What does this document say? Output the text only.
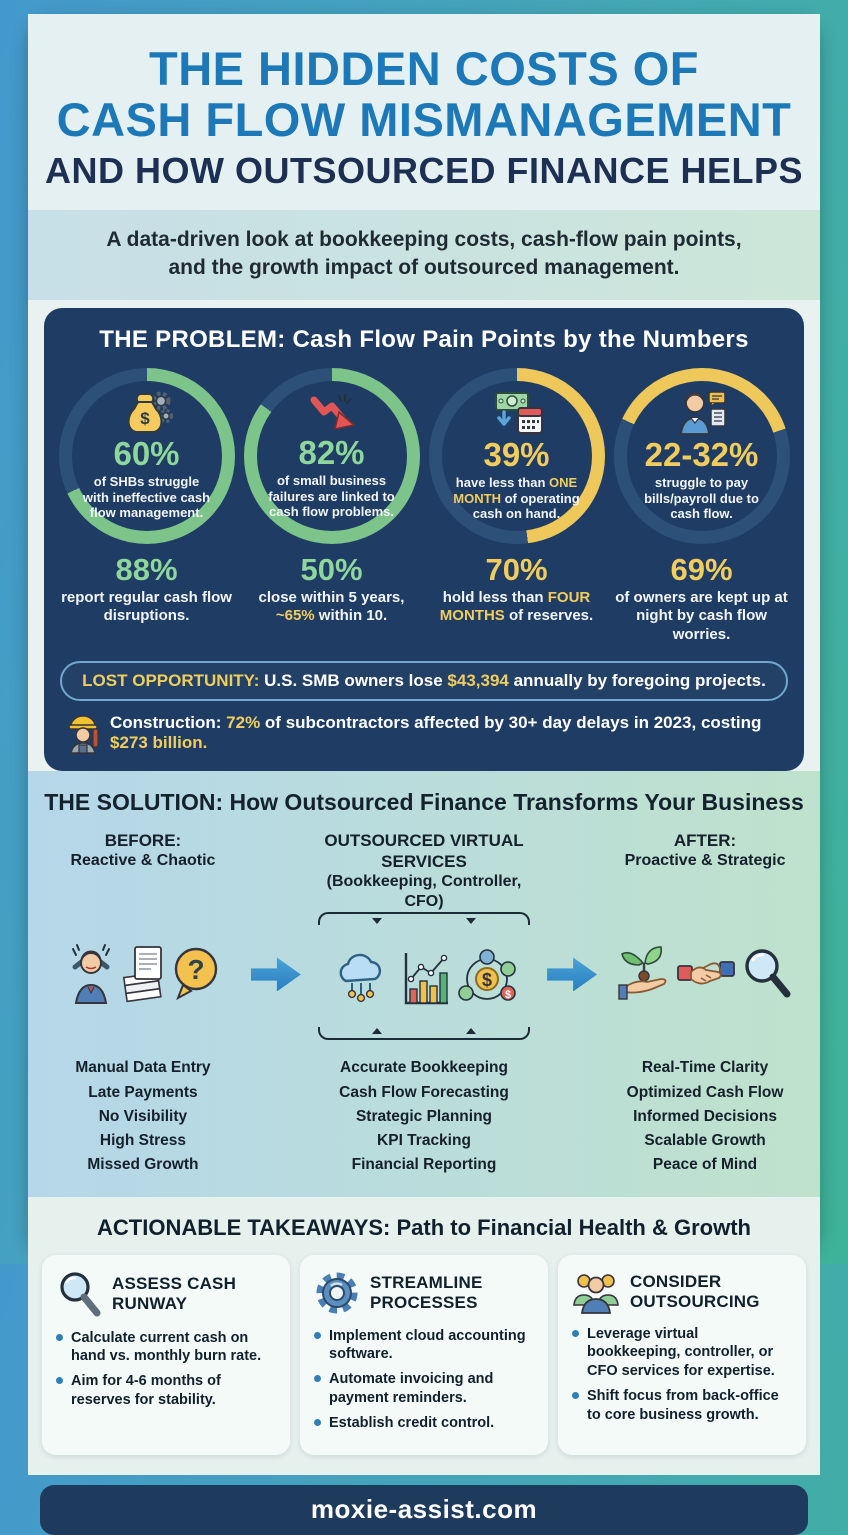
THE HIDDEN COSTS OF
CASH FLOW MISMANAGEMENT
AND HOW OUTSOURCED FINANCE HELPS

A data-driven look at bookkeeping costs, cash-flow pain points, and the growth impact of outsourced management.

THE PROBLEM: Cash Flow Pain Points by the Numbers
$
60%
of SHBs struggle with ineffective cash flow management.
82%
of small business failures are linked to cash flow problems.
39%
have less than ONE MONTH of operating cash on hand.
22-32%
struggle to pay bills/payroll due to cash flow.
88%
report regular cash flow disruptions.
50%
close within 5 years, ~65% within 10.
70%
hold less than FOUR MONTHS of reserves.
69%
of owners are kept up at night by cash flow worries.
LOST OPPORTUNITY: U.S. SMB owners lose $43,394 annually by foregoing projects.
Construction: 72% of subcontractors affected by 30+ day delays in 2023, costing $273 billion.
THE SOLUTION: How Outsourced Finance Transforms Your Business
BEFORE:
Reactive & Chaotic
OUTSOURCED VIRTUAL SERVICES
(Bookkeeping, Controller, CFO)
AFTER:
Proactive & Strategic
?	$
$
Manual Data Entry
Late Payments
No Visibility
High Stress
Missed Growth
Accurate Bookkeeping
Cash Flow Forecasting
Strategic Planning
KPI Tracking
Financial Reporting
Real-Time Clarity
Optimized Cash Flow
Informed Decisions
Scalable Growth
Peace of Mind
ACTIONABLE TAKEAWAYS: Path to Financial Health & Growth
ASSESS CASH RUNWAY
Calculate current cash on hand vs. monthly burn rate.
Aim for 4-6 months of reserves for stability.
STREAMLINE PROCESSES
Implement cloud accounting software.
Automate invoicing and payment reminders.
Establish credit control.
CONSIDER OUTSOURCING
Leverage virtual bookkeeping, controller, or CFO services for expertise.
Shift focus from back-office to core business growth.
moxie-assist.com
